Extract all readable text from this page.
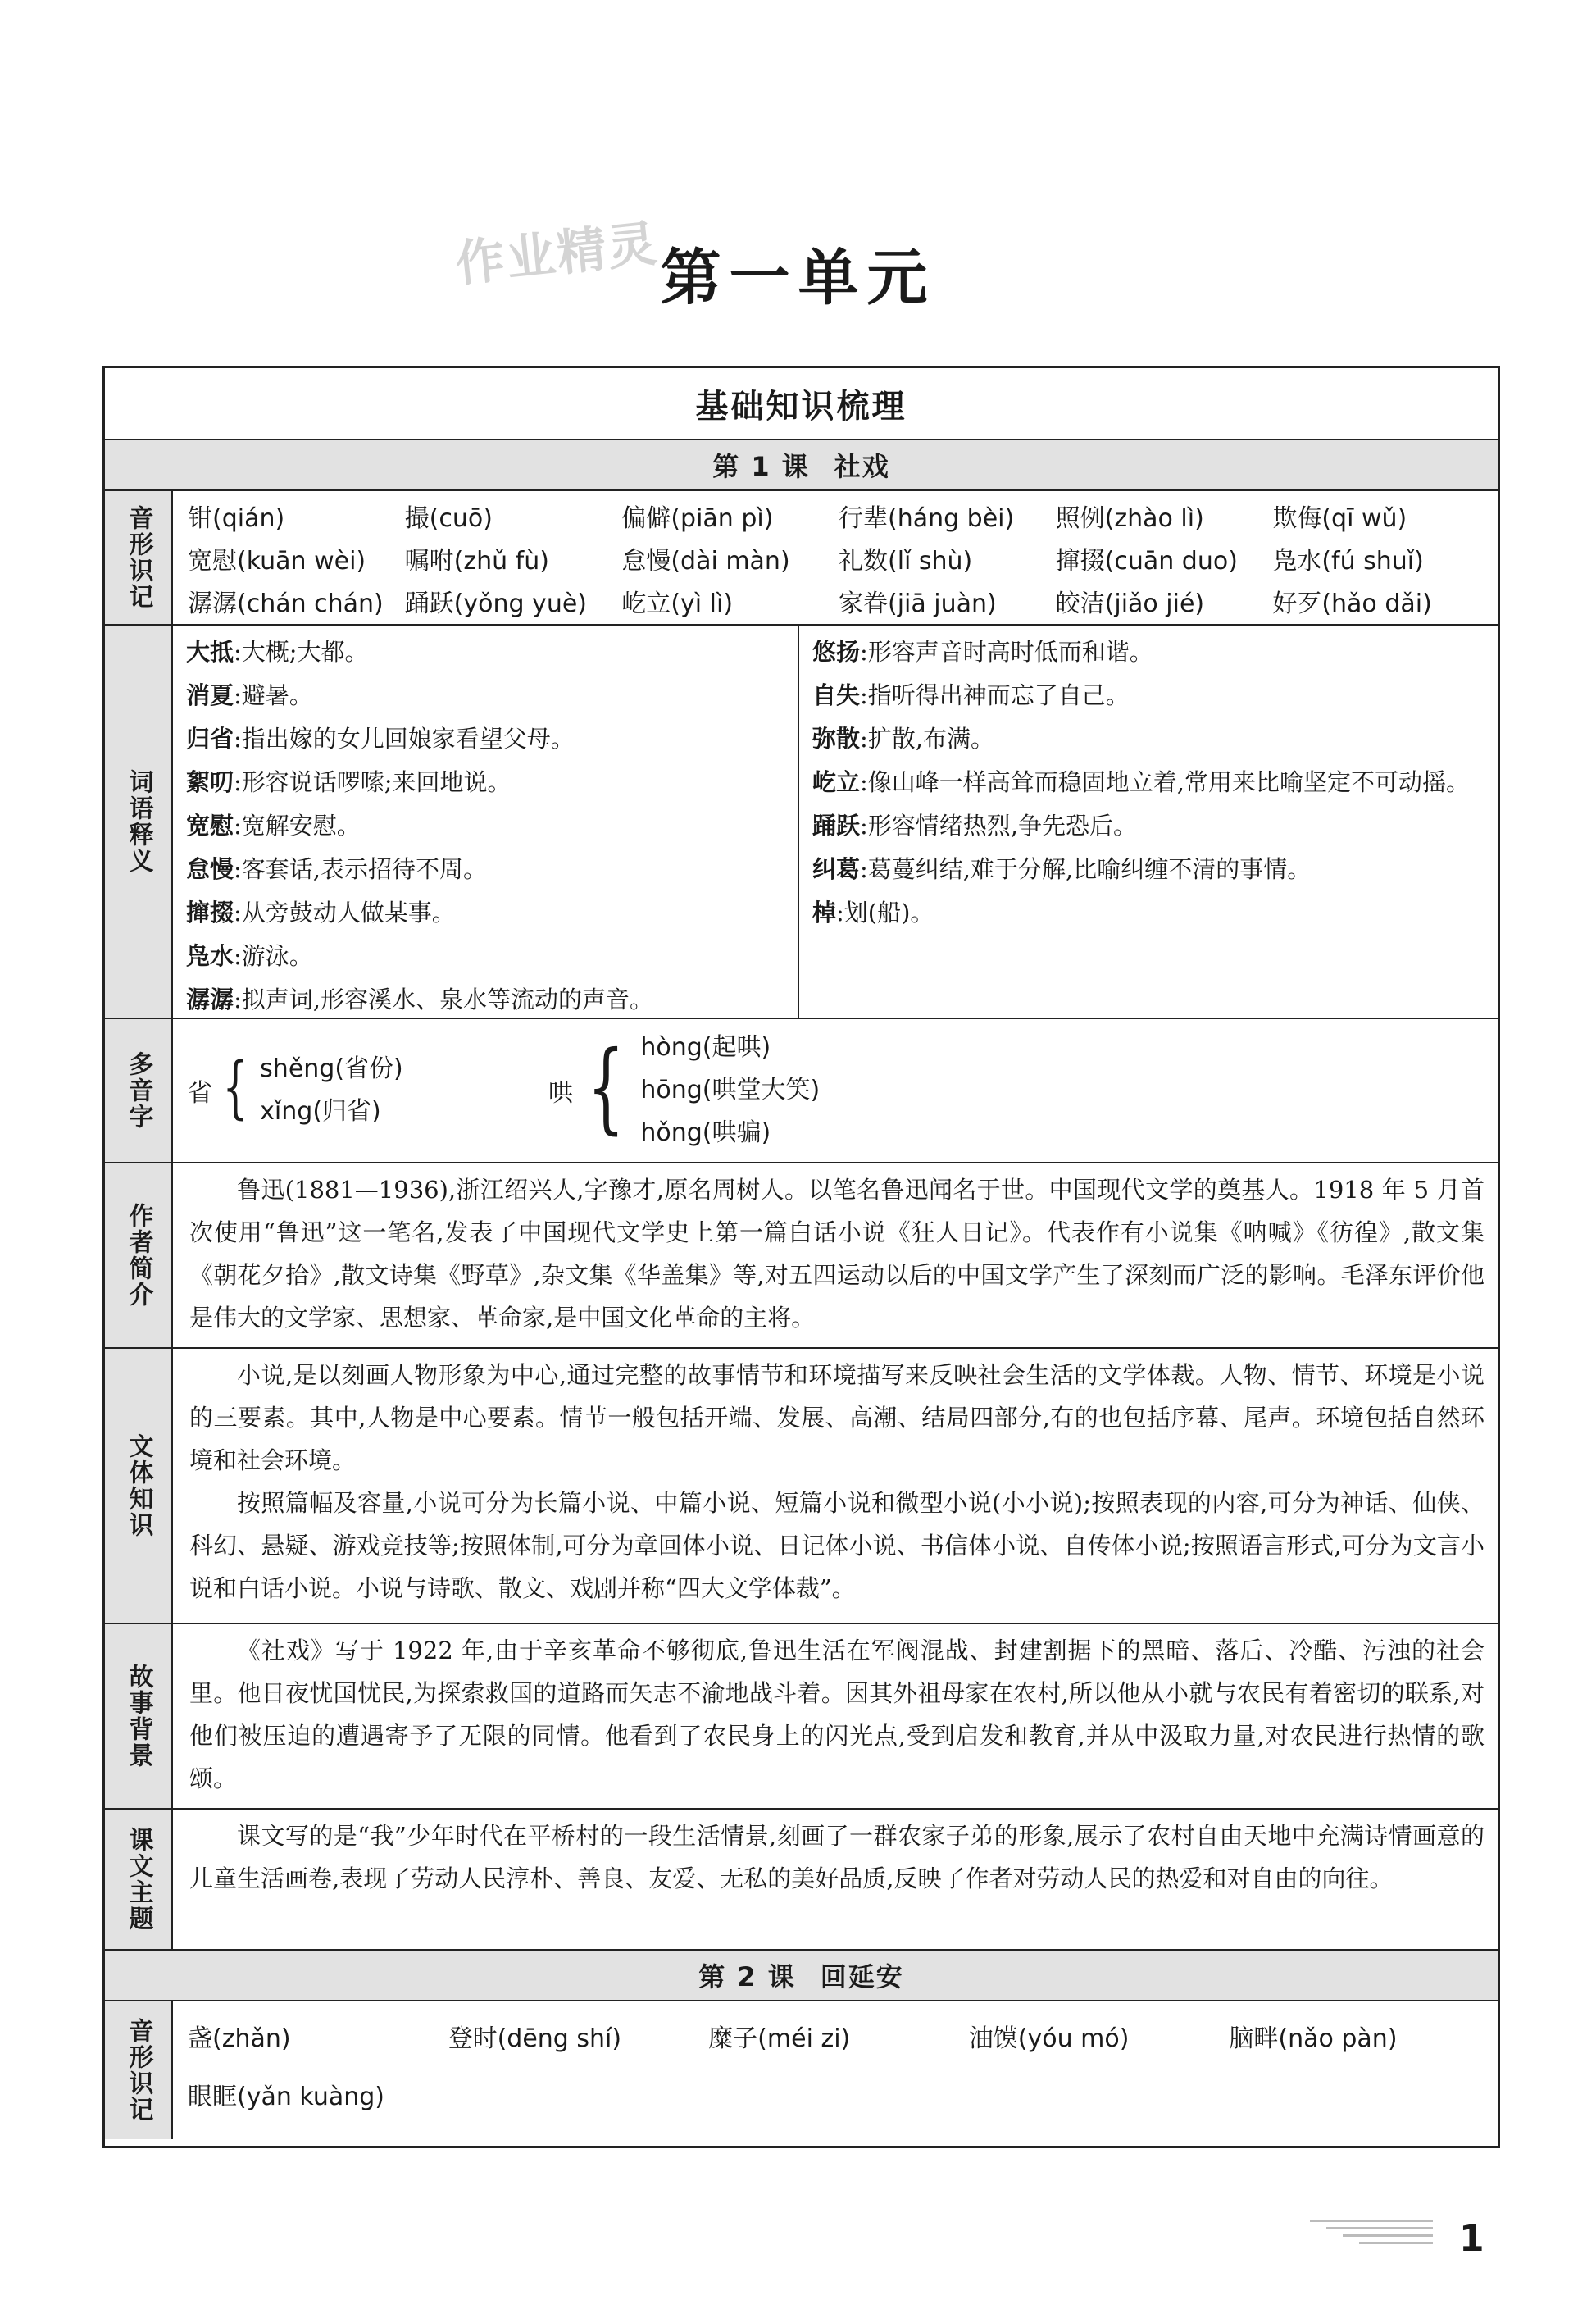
作业精灵
第一单元
基础知识梳理
第 1 课 社戏
音形识记 钳(qián)	撮(cuō)	偏僻(piān pì)	行辈(háng bèi)	照例(zhào lì)	欺侮(qī wǔ)
宽慰(kuān wèi)	嘱咐(zhǔ fù)	怠慢(dài màn)	礼数(lǐ shù)	撺掇(cuān duo)	凫水(fú shuǐ)
潺潺(chán chán) 踊跃(yǒng yuè)	屹立(yì lì)	家眷(jiā juàn)	皎洁(jiǎo jié)	好歹(hǎo dǎi)
词语释义

大抵:大概;大都。

消夏:避暑。

归省:指出嫁的女儿回娘家看望父母。

絮叨:形容说话啰嗦;来回地说。

宽慰:宽解安慰。

怠慢:客套话,表示招待不周。

撺掇:从旁鼓动人做某事。

凫水:游泳。

潺潺:拟声词,形容溪水、泉水等流动的声音。

悠扬:形容声音时高时低而和谐。

自失:指听得出神而忘了自己。

弥散:扩散,布满。

屹立:像山峰一样高耸而稳固地立着,常用来比喻坚定不可动摇。

踊跃:形容情绪热烈,争先恐后。

纠葛:葛蔓纠结,难于分解,比喻纠缠不清的事情。

棹:划(船)。

多音字 省 { shěng(省份)
xǐng(归省)
哄 { hòng(起哄)
hōng(哄堂大笑)
hǒng(哄骗)
作者简介

鲁迅(1881—1936),浙江绍兴人,字豫才,原名周树人。以笔名鲁迅闻名于世。中国现代文学的奠基人。1918 年 5 月首次使用“鲁迅”这一笔名,发表了中国现代文学史上第一篇白话小说《狂人日记》。代表作有小说集《呐喊》《彷徨》,散文集《朝花夕拾》,散文诗集《野草》,杂文集《华盖集》等,对五四运动以后的中国文学产生了深刻而广泛的影响。毛泽东评价他是伟大的文学家、思想家、革命家,是中国文化革命的主将。

文体知识

小说,是以刻画人物形象为中心,通过完整的故事情节和环境描写来反映社会生活的文学体裁。人物、情节、环境是小说的三要素。其中,人物是中心要素。情节一般包括开端、发展、高潮、结局四部分,有的也包括序幕、尾声。环境包括自然环境和社会环境。

按照篇幅及容量,小说可分为长篇小说、中篇小说、短篇小说和微型小说(小小说);按照表现的内容,可分为神话、仙侠、科幻、悬疑、游戏竞技等;按照体制,可分为章回体小说、日记体小说、书信体小说、自传体小说;按照语言形式,可分为文言小说和白话小说。小说与诗歌、散文、戏剧并称“四大文学体裁”。

故事背景

《社戏》写于 1922 年,由于辛亥革命不够彻底,鲁迅生活在军阀混战、封建割据下的黑暗、落后、冷酷、污浊的社会里。他日夜忧国忧民,为探索救国的道路而矢志不渝地战斗着。因其外祖母家在农村,所以他从小就与农民有着密切的联系,对他们被压迫的遭遇寄予了无限的同情。他看到了农民身上的闪光点,受到启发和教育,并从中汲取力量,对农民进行热情的歌颂。

课文主题	课文写的是“我”少年时代在平桥村的一段生活情景,刻画了一群农家子弟的形象,展示了农村自由天地中充满诗情画意的儿童生活画卷,表现了劳动人民淳朴、善良、友爱、无私的美好品质,反映了作者对劳动人民的热爱和对自由的向往。

第 2 课 回延安
音形识记 盏(zhǎn)	登时(dēng shí)	糜子(méi zi)	油馍(yóu mó)	脑畔(nǎo pàn)
眼眶(yǎn kuàng)
1
